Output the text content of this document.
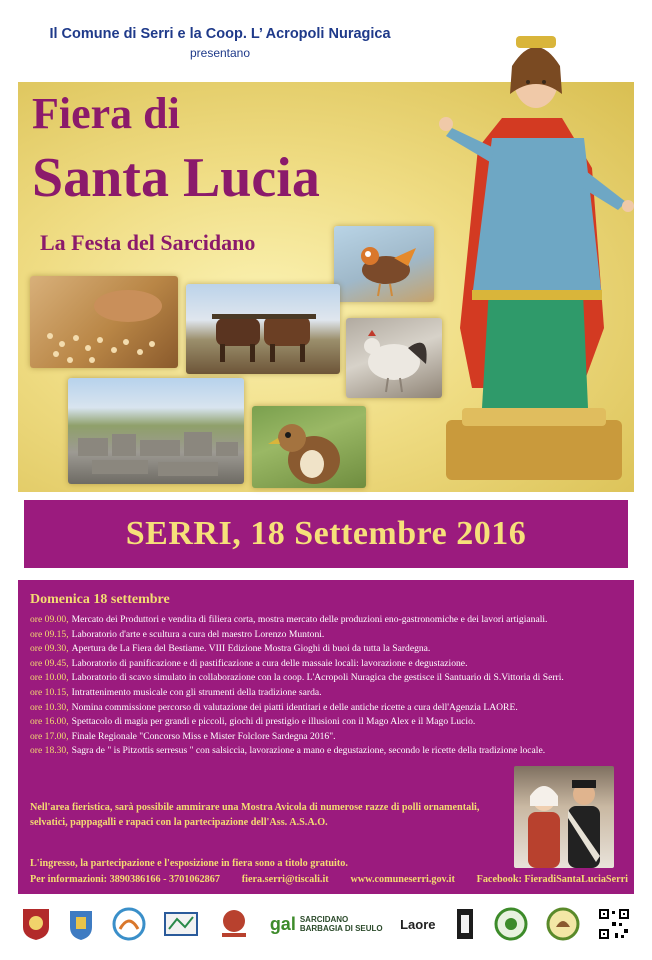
Il Comune di Serri e la Coop. L’ Acropoli Nuragica
presentano
Fiera di
Santa Lucia
La Festa del Sarcidano
SERRI, 18 Settembre 2016
Domenica 18 settembre
ore 09.00, Mercato dei Produttori e vendita di filiera corta, mostra mercato delle produzioni eno-gastronomiche e dei lavori artigianali.
ore 09.15, Laboratorio d'arte e scultura a cura del maestro Lorenzo Muntoni.
ore 09.30, Apertura de La Fiera del Bestiame. VIII Edizione Mostra Gioghi di buoi da tutta la Sardegna.
ore 09.45, Laboratorio di panificazione e di pastificazione a cura delle massaie locali: lavorazione e degustazione.
ore 10.00, Laboratorio di scavo simulato in collaborazione con la coop. L'Acropoli Nuragica che gestisce il Santuario di S.Vittoria di Serri.
ore 10.15, Intrattenimento musicale con gli strumenti della tradizione sarda.
ore 10.30, Nomina commissione percorso di valutazione dei piatti identitari e delle antiche ricette a cura dell'Agenzia LAORE.
ore 16.00, Spettacolo di magia per grandi e piccoli, giochi di prestigio e illusioni con il Mago Alex e il Mago Lucio.
ore 17.00, Finale Regionale "Concorso Miss e Mister Folclore Sardegna 2016".
ore 18.30, Sagra de " is Pitzottis serresus " con salsiccia, lavorazione a mano e degustazione, secondo le ricette della tradizione locale.
Nell'area fieristica, sarà possibile ammirare una Mostra Avicola di numerose razze di polli ornamentali,
selvatici, pappagalli e rapaci con la partecipazione dell'Ass. A.S.A.O.
L'ingresso, la partecipazione e l'esposizione in fiera sono a titolo gratuito.
Per informazioni: 3890386166 - 3701062867 fiera.serri@tiscali.it www.comuneserri.gov.it Facebook: FieradiSantaLuciaSerri
gal SARCIDANO
BARBAGIA DI SEULO Laore
